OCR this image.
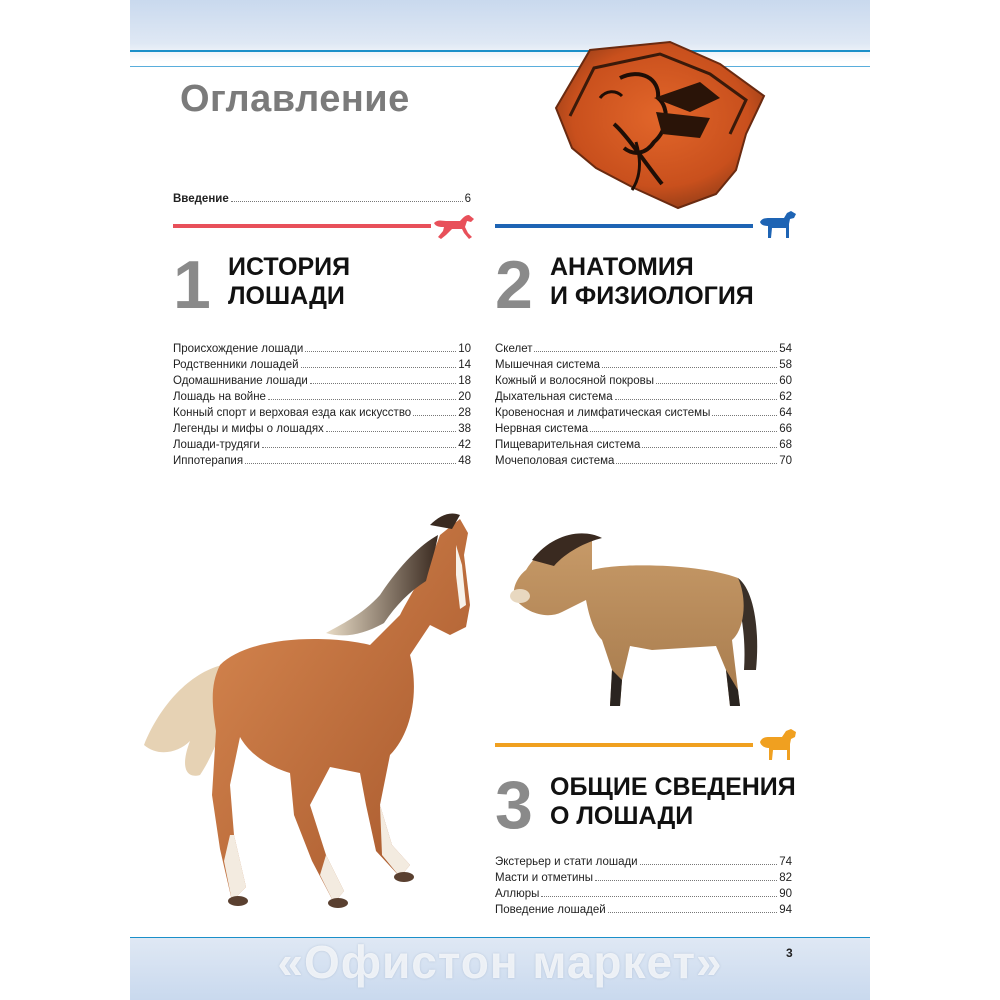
Оглавление
Введение	6
1 ИСТОРИЯ
ЛОШАДИ
Происхождение лошади	10
Родственники лошадей	14
Одомашнивание лошади	18
Лошадь на войне	20
Конный спорт и верховая езда как искусство	28
Легенды и мифы о лошадях	38
Лошади-трудяги	42
Иппотерапия	48
2 АНАТОМИЯ
И ФИЗИОЛОГИЯ
Скелет	54
Мышечная система	58
Кожный и волосяной покровы	60
Дыхательная система	62
Кровеносная и лимфатическая системы	64
Нервная система	66
Пищеварительная система	68
Мочеполовая система	70
3 ОБЩИЕ СВЕДЕНИЯ
О ЛОШАДИ
Экстерьер и стати лошади	74
Масти и отметины	82
Аллюры	90
Поведение лошадей	94
3
«Офистон маркет»
